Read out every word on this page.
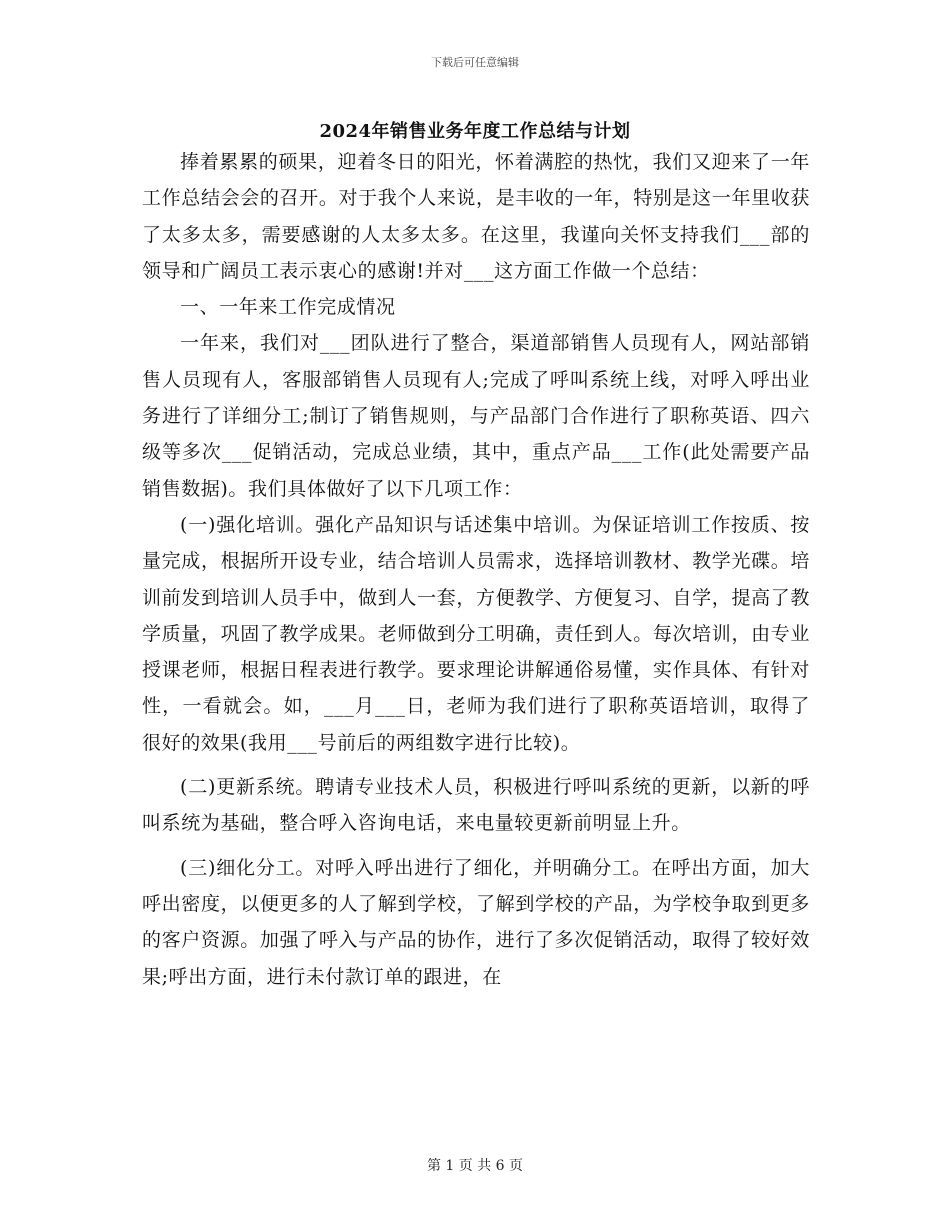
下载后可任意编辑
2024年销售业务年度工作总结与计划

捧着累累的硕果，迎着冬日的阳光，怀着满腔的热忱，我们又迎来了一年工作总结会会的召开。对于我个人来说，是丰收的一年，特别是这一年里收获了太多太多，需要感谢的人太多太多。在这里，我谨向关怀支持我们___部的领导和广阔员工表示衷心的感谢!并对___这方面工作做一个总结：

一、一年来工作完成情况

一年来，我们对___团队进行了整合，渠道部销售人员现有人，网站部销售人员现有人，客服部销售人员现有人;完成了呼叫系统上线，对呼入呼出业务进行了详细分工;制订了销售规则，与产品部门合作进行了职称英语、四六级等多次___促销活动，完成总业绩，其中，重点产品___工作(此处需要产品销售数据)。我们具体做好了以下几项工作：

(一)强化培训。强化产品知识与话述集中培训。为保证培训工作按质、按量完成，根据所开设专业，结合培训人员需求，选择培训教材、教学光碟。培训前发到培训人员手中，做到人一套，方便教学、方便复习、自学，提高了教学质量，巩固了教学成果。老师做到分工明确，责任到人。每次培训，由专业授课老师，根据日程表进行教学。要求理论讲解通俗易懂，实作具体、有针对性，一看就会。如，___月___日，老师为我们进行了职称英语培训，取得了很好的效果(我用___号前后的两组数字进行比较)。

(二)更新系统。聘请专业技术人员，积极进行呼叫系统的更新，以新的呼叫系统为基础，整合呼入咨询电话，来电量较更新前明显上升。

(三)细化分工。对呼入呼出进行了细化，并明确分工。在呼出方面，加大呼出密度，以便更多的人了解到学校，了解到学校的产品，为学校争取到更多的客户资源。加强了呼入与产品的协作，进行了多次促销活动，取得了较好效果;呼出方面，进行未付款订单的跟进，在

第 1 页 共 6 页
